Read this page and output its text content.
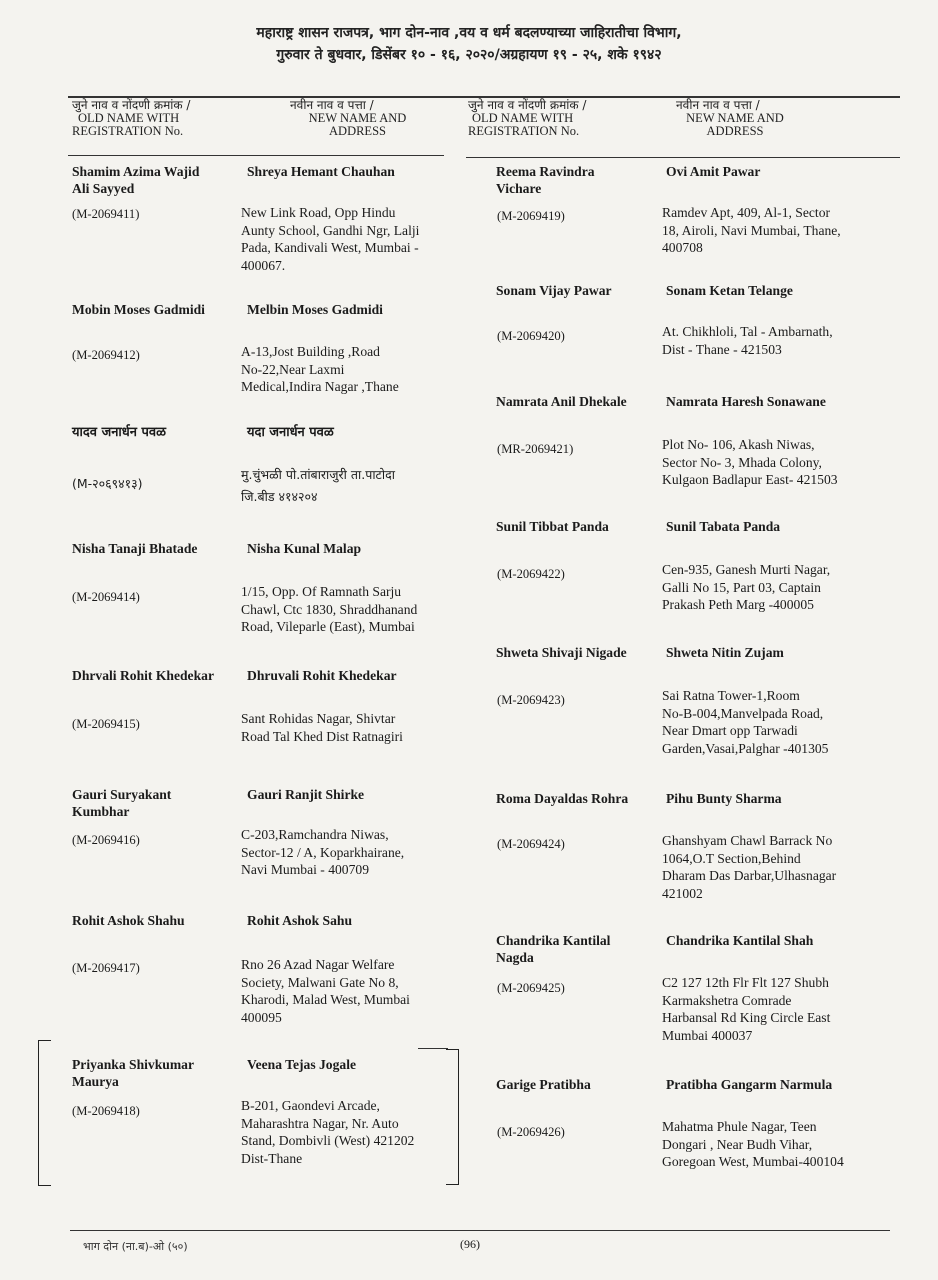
महाराष्ट्र शासन राजपत्र, भाग दोन-नाव ,वय व धर्म बदलण्याच्या जाहिरातीचा विभाग,
गुरुवार ते बुधवार, डिसेंबर १० - १६, २०२०/अग्रहायण १९ - २५, शके १९४२
जुने नाव व नोंदणी क्रमांक /
OLD NAME WITH
REGISTRATION No.
नवीन नाव व पत्ता /
NEW NAME AND
ADDRESS
जुने नाव व नोंदणी क्रमांक /
OLD NAME WITH
REGISTRATION No.
नवीन नाव व पत्ता /
NEW NAME AND
ADDRESS
Shamim Azima Wajid
Ali Sayyed
(M-2069411)
Shreya Hemant Chauhan
New Link Road, Opp Hindu
Aunty School, Gandhi Ngr, Lalji
Pada, Kandivali West, Mumbai -
400067.
Mobin Moses Gadmidi
(M-2069412)
Melbin Moses Gadmidi
A-13,Jost Building ,Road
No-22,Near Laxmi
Medical,Indira Nagar ,Thane
यादव जनार्धन पवळ
(M-२०६९४१३)
यदा जनार्धन पवळ
मु.चुंभळी पो.तांबाराजुरी ता.पाटोदा
जि.बीड ४१४२०४
Nisha Tanaji Bhatade
(M-2069414)
Nisha Kunal Malap
1/15, Opp. Of Ramnath Sarju
Chawl, Ctc 1830, Shraddhanand
Road, Vileparle (East), Mumbai
Dhrvali Rohit Khedekar
(M-2069415)
Dhruvali Rohit Khedekar
Sant Rohidas Nagar, Shivtar
Road Tal Khed Dist Ratnagiri
Gauri Suryakant
Kumbhar
(M-2069416)
Gauri Ranjit Shirke
C-203,Ramchandra Niwas,
Sector-12 / A, Koparkhairane,
Navi Mumbai - 400709
Rohit Ashok Shahu
(M-2069417)
Rohit Ashok Sahu
Rno 26 Azad Nagar Welfare
Society, Malwani Gate No 8,
Kharodi, Malad West, Mumbai
400095
Priyanka Shivkumar
Maurya
(M-2069418)
Veena Tejas Jogale
B-201, Gaondevi Arcade,
Maharashtra Nagar, Nr. Auto
Stand, Dombivli (West) 421202
Dist-Thane
Reema Ravindra
Vichare
(M-2069419)
Ovi Amit Pawar
Ramdev Apt, 409, Al-1, Sector
18, Airoli, Navi Mumbai, Thane,
400708
Sonam Vijay Pawar
(M-2069420)
Sonam Ketan Telange
At. Chikhloli, Tal - Ambarnath,
Dist - Thane - 421503
Namrata Anil Dhekale
(MR-2069421)
Namrata Haresh Sonawane
Plot No- 106, Akash Niwas,
Sector No- 3, Mhada Colony,
Kulgaon Badlapur East- 421503
Sunil Tibbat Panda
(M-2069422)
Sunil Tabata Panda
Cen-935, Ganesh Murti Nagar,
Galli No 15, Part 03, Captain
Prakash Peth Marg -400005
Shweta Shivaji Nigade
(M-2069423)
Shweta Nitin Zujam
Sai Ratna Tower-1,Room
No-B-004,Manvelpada Road,
Near Dmart opp Tarwadi
Garden,Vasai,Palghar -401305
Roma Dayaldas Rohra
(M-2069424)
Pihu Bunty Sharma
Ghanshyam Chawl Barrack No
1064,O.T Section,Behind
Dharam Das Darbar,Ulhasnagar
421002
Chandrika Kantilal
Nagda
(M-2069425)
Chandrika Kantilal Shah
C2 127 12th Flr Flt 127 Shubh
Karmakshetra Comrade
Harbansal Rd King Circle East
Mumbai 400037
Garige Pratibha
(M-2069426)
Pratibha Gangarm Narmula
Mahatma Phule Nagar, Teen
Dongari , Near Budh Vihar,
Goregoan West, Mumbai-400104
भाग दोन (ना.ब)-ओ (५०)	(96)
